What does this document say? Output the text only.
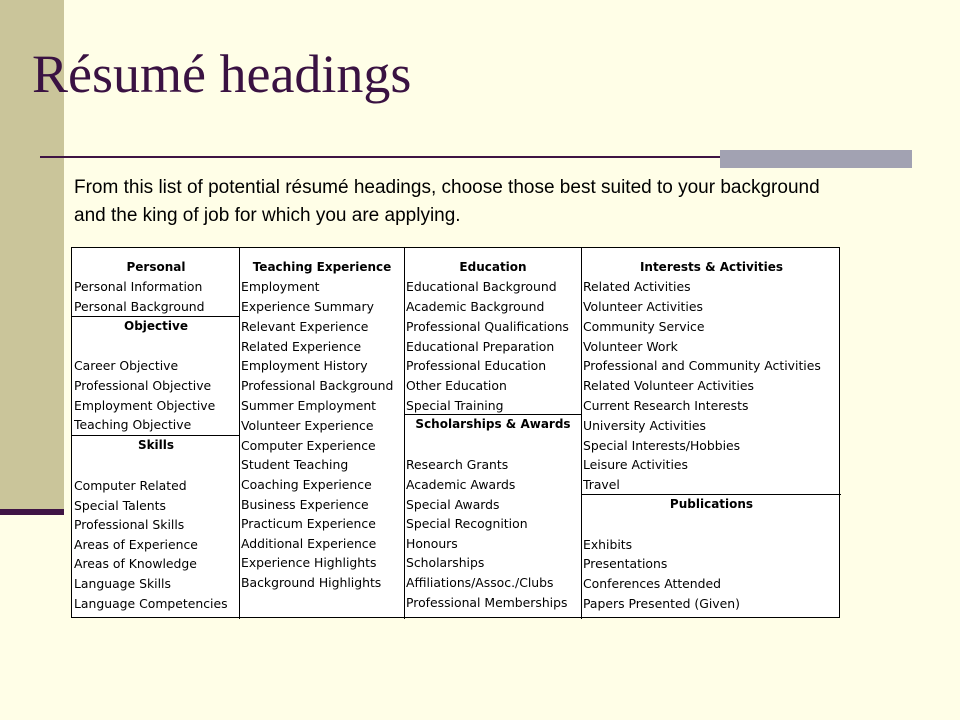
Résumé headings

From this list of potential résumé headings, choose those best suited to your background and the king of job for which you are applying.

Personal
Personal Information
Personal Background
Objective
Career Objective
Professional Objective
Employment Objective
Teaching Objective
Skills
Computer Related
Special Talents
Professional Skills
Areas of Experience
Areas of Knowledge
Language Skills
Language Competencies
Teaching Experience
Employment
Experience Summary
Relevant Experience
Related Experience
Employment History
Professional Background
Summer Employment
Volunteer Experience
Computer Experience
Student Teaching
Coaching Experience
Business Experience
Practicum Experience
Additional Experience
Experience Highlights
Background Highlights
Education
Educational Background
Academic Background
Professional Qualifications
Educational Preparation
Professional Education
Other Education
Special Training
Scholarships & Awards
Research Grants
Academic Awards
Special Awards
Special Recognition
Honours
Scholarships
Affiliations/Assoc./Clubs
Professional Memberships
Interests & Activities
Related Activities
Volunteer Activities
Community Service
Volunteer Work
Professional and Community Activities
Related Volunteer Activities
Current Research Interests
University Activities
Special Interests/Hobbies
Leisure Activities
Travel
Publications
Exhibits
Presentations
Conferences Attended
Papers Presented (Given)
